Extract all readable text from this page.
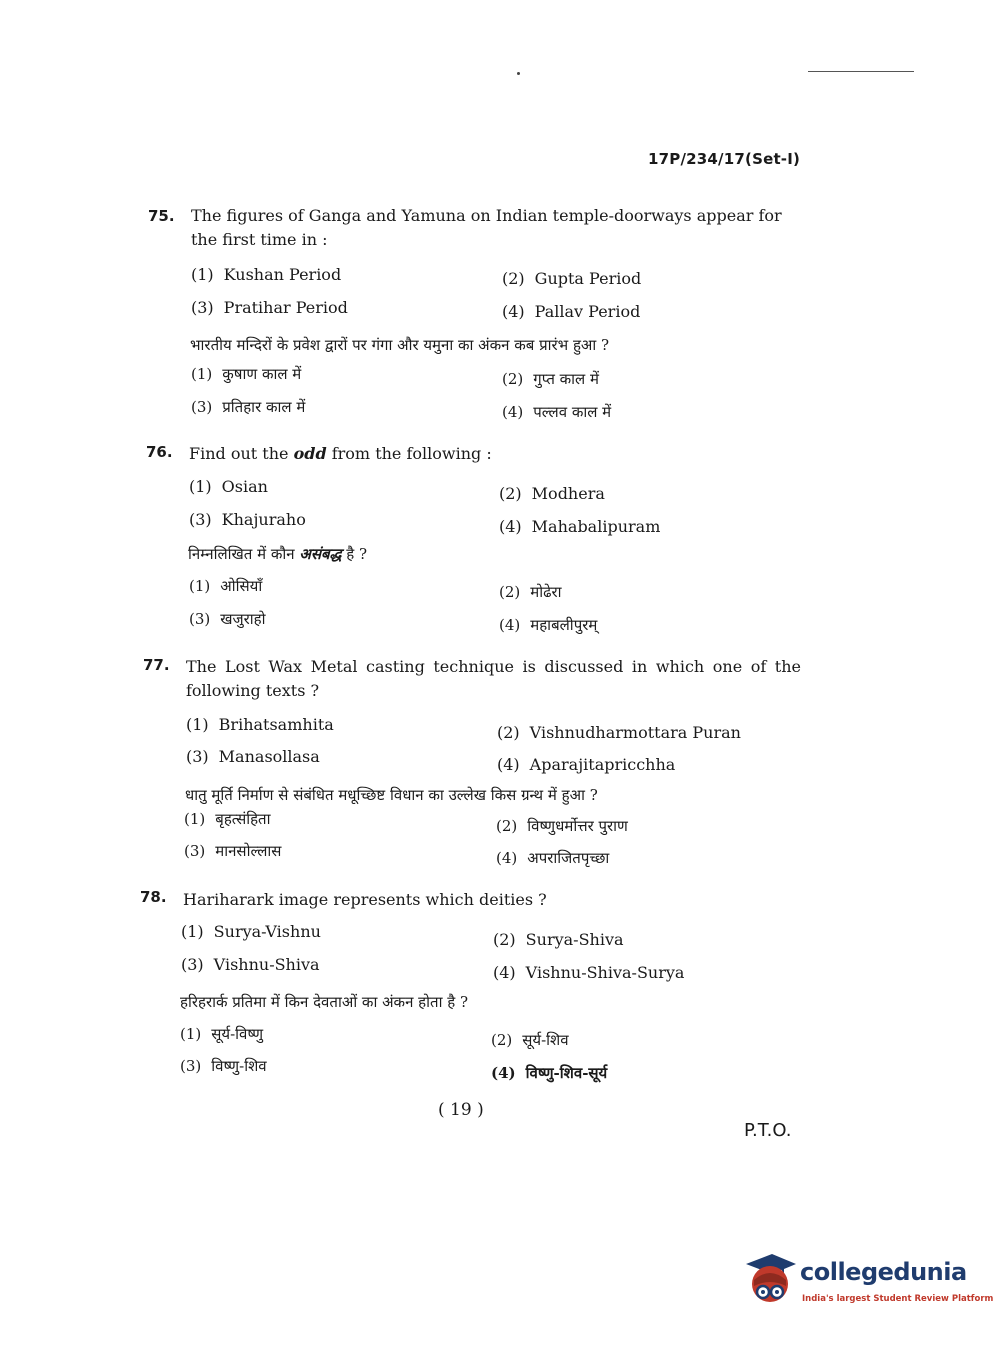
17P/234/17(Set-I)
75. The figures of Ganga and Yamuna on Indian temple-doorways appear for the first time in :
(1) Kushan Period	(2) Gupta Period
(3) Pratihar Period	(4) Pallav Period
भारतीय मन्दिरों के प्रवेश द्वारों पर गंगा और यमुना का अंकन कब प्रारंभ हुआ ?
(1) कुषाण काल में	(2) गुप्त काल में
(3) प्रतिहार काल में	(4) पल्लव काल में
76. Find out the odd from the following :
(1) Osian	(2) Modhera
(3) Khajuraho	(4) Mahabalipuram
निम्नलिखित में कौन असंबद्ध है ?
(1) ओसियाँ	(2) मोढेरा
(3) खजुराहो	(4) महाबलीपुरम्
77. The Lost Wax Metal casting technique is discussed in which one of the following texts ?
(1) Brihatsamhita	(2) Vishnudharmottara Puran
(3) Manasollasa	(4) Aparajitapricchha
धातु मूर्ति निर्माण से संबंधित मधूच्छिष्ट विधान का उल्लेख किस ग्रन्थ में हुआ ?
(1) बृहत्संहिता	(2) विष्णुधर्मोत्तर पुराण
(3) मानसोल्लास	(4) अपराजितपृच्छा
78. Hariharark image represents which deities ?
(1) Surya-Vishnu	(2) Surya-Shiva
(3) Vishnu-Shiva	(4) Vishnu-Shiva-Surya
हरिहरार्क प्रतिमा में किन देवताओं का अंकन होता है ?
(1) सूर्य-विष्णु	(2) सूर्य-शिव
(3) विष्णु-शिव	(4) विष्णु-शिव-सूर्य
( 19 )
P.T.O.
collegedunia
India's largest Student Review Platform
